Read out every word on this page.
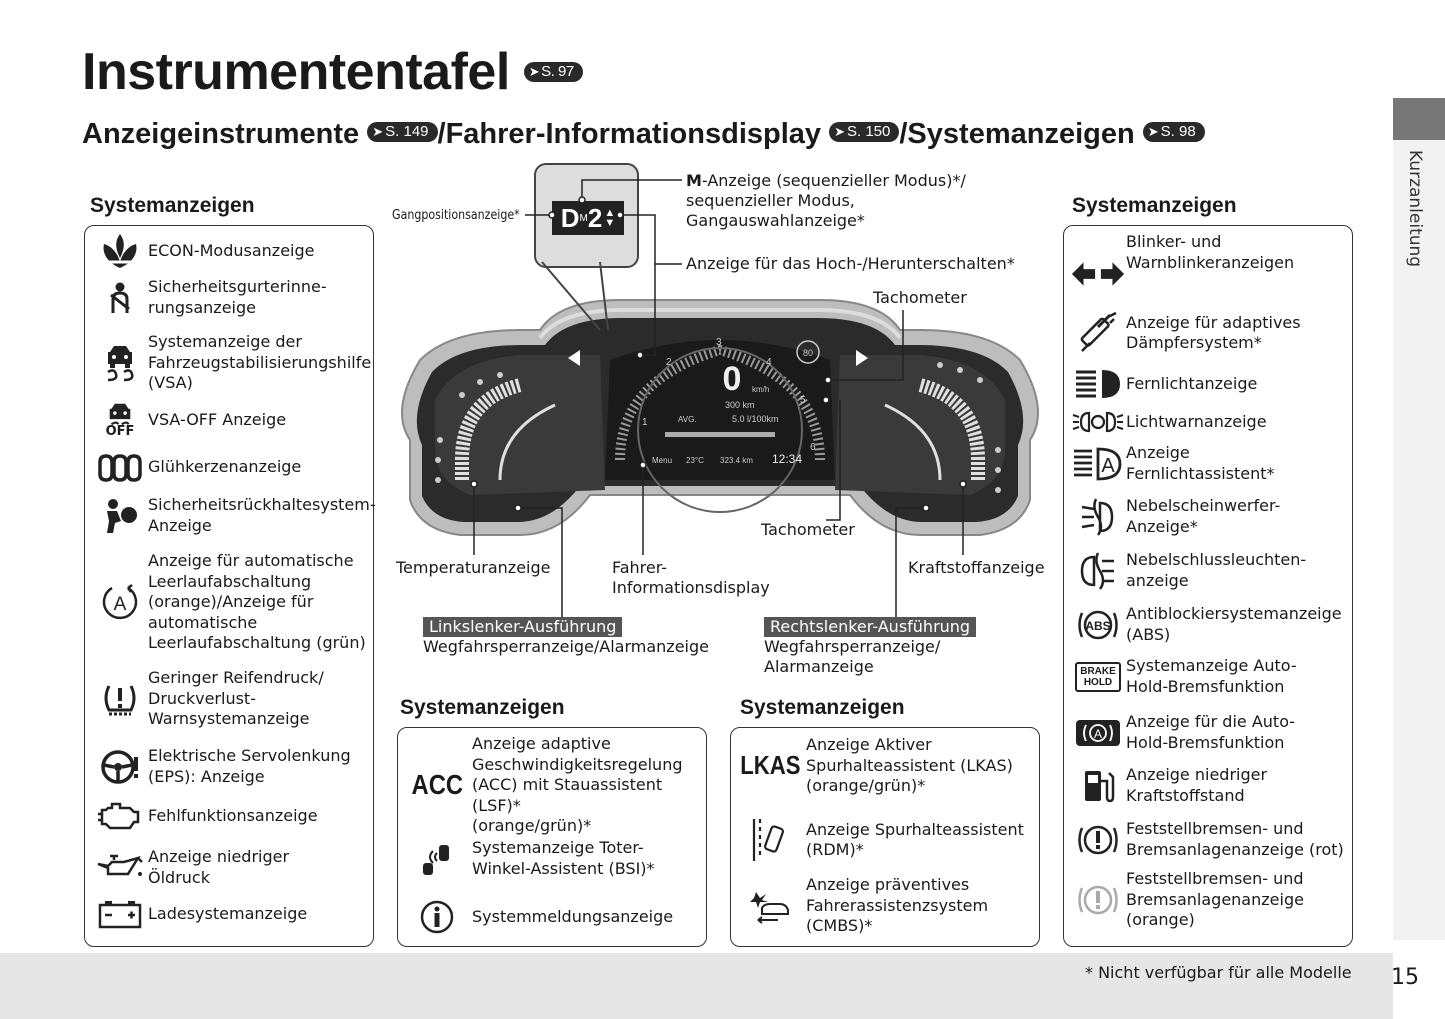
Instrumententafel ➤ S. 97
Anzeigeinstrumente ➤ S. 149 /Fahrer-Informationsdisplay ➤ S. 150 /Systemanzeigen ➤ S. 98
Kurzanleitung
* Nicht verfügbar für alle Modelle 15
Systemanzeigen
ECON-Modusanzeige
Sicherheitsgurterinne-
rungsanzeige
Systemanzeige der
Fahrzeugstabilisierungshilfe
(VSA)
OFF
VSA-OFF Anzeige
Glühkerzenanzeige
Sicherheitsrückhaltesystem-
Anzeige
A
Anzeige für automatische
Leerlaufabschaltung
(orange)/Anzeige für
automatische
Leerlaufabschaltung (grün)
Geringer Reifendruck/
Druckverlust-
Warnsystemanzeige
Elektrische Servolenkung
(EPS): Anzeige
Fehlfunktionsanzeige
Anzeige niedriger
Öldruck
Ladesystemanzeige
Systemanzeigen
Blinker- und
Warnblinkeranzeigen
Anzeige für adaptives
Dämpfersystem*
Fernlichtanzeige
Lichtwarnanzeige
A
Anzeige
Fernlichtassistent*
Nebelscheinwerfer-
Anzeige*
Nebelschlussleuchten-
anzeige
ABS
Antiblockiersystemanzeige
(ABS)
BRAKE
HOLD
Systemanzeige Auto-
Hold-Bremsfunktion
A
Anzeige für die Auto-
Hold-Bremsfunktion
Anzeige niedriger
Kraftstoffstand
Feststellbremsen- und
Bremsanlagenanzeige (rot)
Feststellbremsen- und
Bremsanlagenanzeige
(orange)
Systemanzeigen
ACC
Anzeige adaptive
Geschwindigkeitsregelung
(ACC) mit Stauassistent (LSF)*
(orange/grün)*
Systemanzeige Toter-
Winkel-Assistent (BSI)*
Systemmeldungsanzeige
Systemanzeigen
LKAS
Anzeige Aktiver
Spurhalteassistent (LKAS)
(orange/grün)*
Anzeige Spurhalteassistent
(RDM)*
Anzeige präventives
Fahrerassistenzsystem
(CMBS)*
1
2
3
4
5
6
0 km/h
300 km
AVG.	5.0 l/100km
Menu 23°C 323.4 km 12:34
80
D M 2 ▲
▼
Gangpositionsanzeige*
M-Anzeige (sequenzieller Modus)*/
sequenzieller Modus,
Gangauswahlanzeige*
Anzeige für das Hoch-/Herunterschalten*
Tachometer
Tachometer
Temperaturanzeige	Fahrer-
Informationsdisplay
Kraftstoffanzeige
Linkslenker-Ausführung
Wegfahrsperranzeige/Alarmanzeige
Rechtslenker-Ausführung
Wegfahrsperranzeige/
Alarmanzeige
